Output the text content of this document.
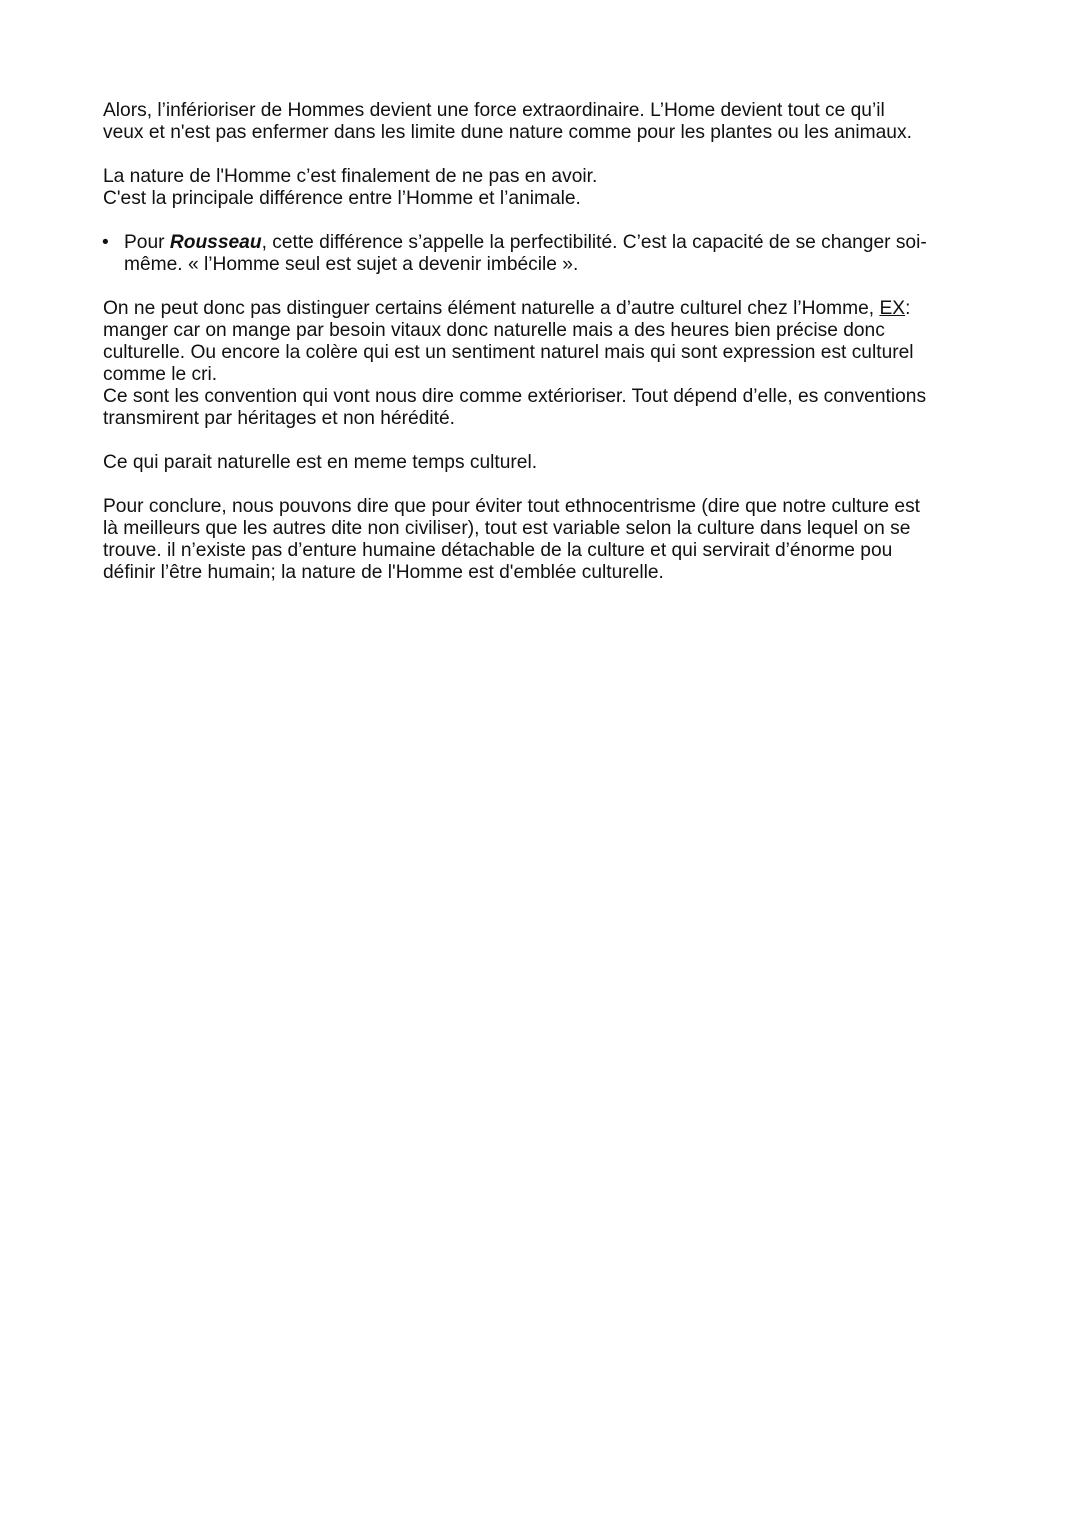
Alors, l’inférioriser de Hommes devient une force extraordinaire. L’Home devient tout ce qu’il
veux et n'est pas enfermer dans les limite dune nature comme pour les plantes ou les animaux.

La nature de l'Homme c’est finalement de ne pas en avoir.
C'est la principale différence entre l’Homme et l’animale.

• Pour Rousseau, cette différence s’appelle la perfectibilité. C’est la capacité de se changer soi-
même. « l’Homme seul est sujet a devenir imbécile ».

On ne peut donc pas distinguer certains élément naturelle a d’autre culturel chez l’Homme, EX:
manger car on mange par besoin vitaux donc naturelle mais a des heures bien précise donc
culturelle. Ou encore la colère qui est un sentiment naturel mais qui sont expression est culturel
comme le cri.
Ce sont les convention qui vont nous dire comme extérioriser. Tout dépend d’elle, es conventions
transmirent par héritages et non hérédité.

Ce qui parait naturelle est en meme temps culturel.

Pour conclure, nous pouvons dire que pour éviter tout ethnocentrisme (dire que notre culture est
là meilleurs que les autres dite non civiliser), tout est variable selon la culture dans lequel on se
trouve. il n’existe pas d’enture humaine détachable de la culture et qui servirait d’énorme pou
définir l’être humain; la nature de l'Homme est d'emblée culturelle.
